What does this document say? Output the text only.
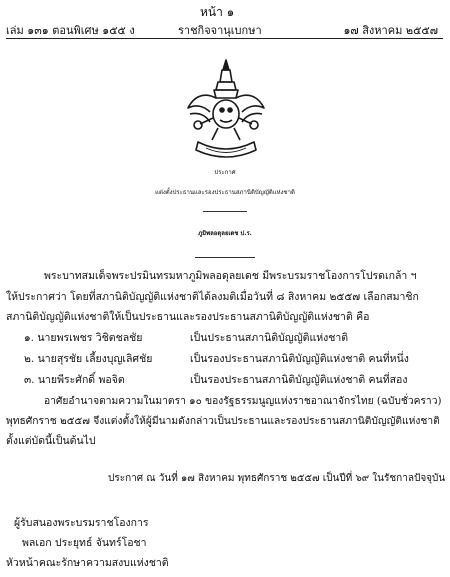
หน้า ๑
เล่ม ๑๓๑ ตอนพิเศษ ๑๕๕ ง	ราชกิจจานุเบกษา	๑๗ สิงหาคม ๒๕๕๗
ประกาศ
แต่งตั้งประธานและรองประธานสภานิติบัญญัติแห่งชาติ
ภูมิพลอดุลยเดช ป.ร.
พระบาทสมเด็จพระปรมินทรมหาภูมิพลอดุลยเดช มีพระบรมราชโองการโปรดเกล้า ฯ
ให้ประกาศว่า โดยที่สภานิติบัญญัติแห่งชาติได้ลงมติเมื่อวันที่ ๘ สิงหาคม ๒๕๕๗ เลือกสมาชิก
สภานิติบัญญัติแห่งชาติให้เป็นประธานและรองประธานสภานิติบัญญัติแห่งชาติ คือ
๑. นายพรเพชร วิชิตชลชัย	เป็นประธานสภานิติบัญญัติแห่งชาติ
๒. นายสุรชัย เลี้ยงบุญเลิศชัย	เป็นรองประธานสภานิติบัญญัติแห่งชาติ คนที่หนึ่ง
๓. นายพีระศักดิ์ พอจิต	เป็นรองประธานสภานิติบัญญัติแห่งชาติ คนที่สอง
อาศัยอำนาจตามความในมาตรา ๑๐ ของรัฐธรรมนูญแห่งราชอาณาจักรไทย (ฉบับชั่วคราว)
พุทธศักราช ๒๕๕๗ จึงแต่งตั้งให้ผู้มีนามดังกล่าวเป็นประธานและรองประธานสภานิติบัญญัติแห่งชาติ
ตั้งแต่บัดนี้เป็นต้นไป
ประกาศ ณ วันที่ ๑๗ สิงหาคม พุทธศักราช ๒๕๕๗ เป็นปีที่ ๖๙ ในรัชกาลปัจจุบัน
ผู้รับสนองพระบรมราชโองการ
พลเอก ประยุทธ์ จันทร์โอชา
หัวหน้าคณะรักษาความสงบแห่งชาติ
